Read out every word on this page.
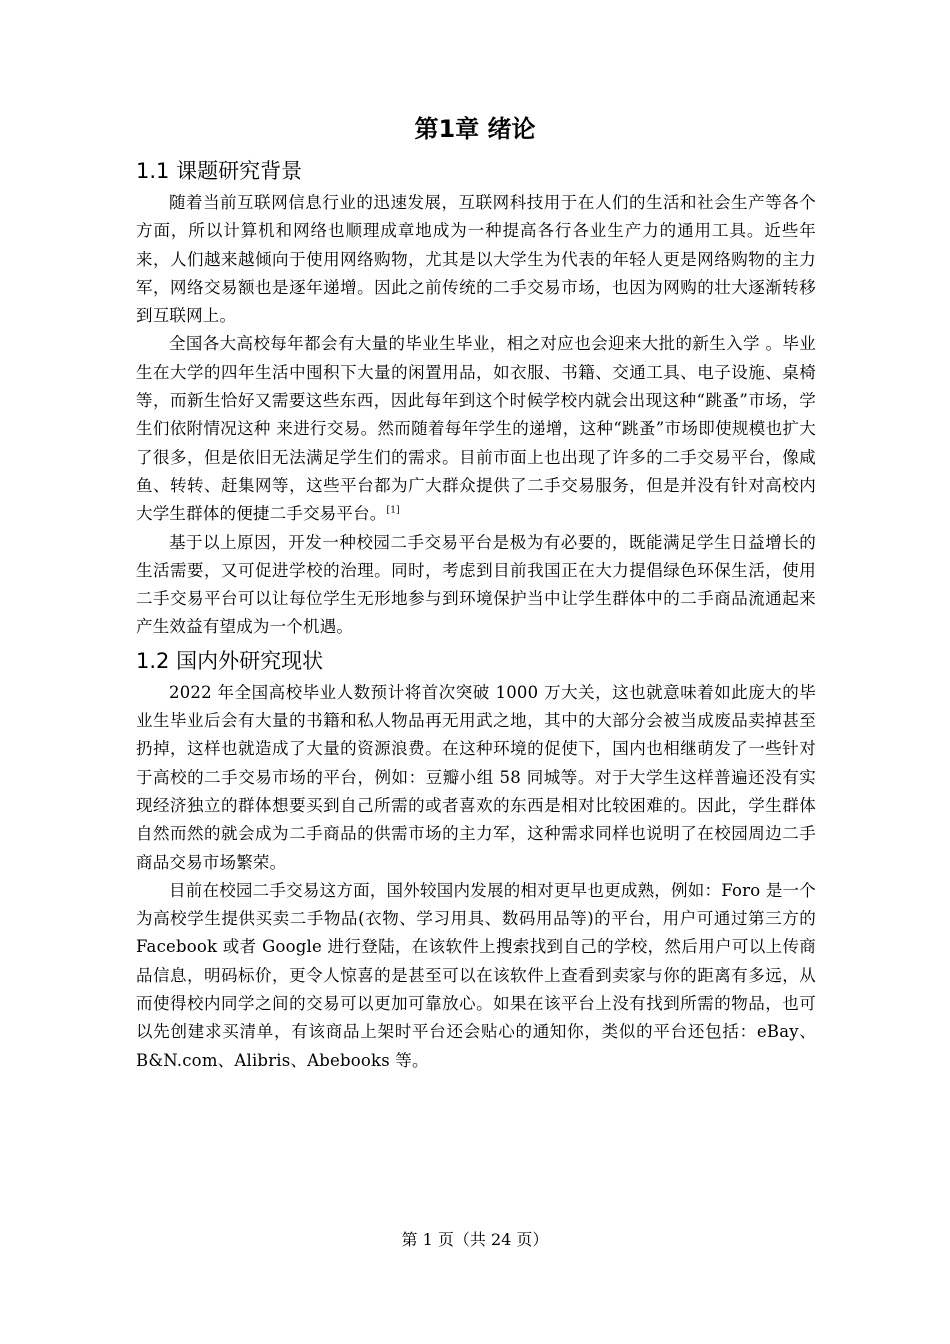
第1章 绪论
1.1 课题研究背景

随着当前互联网信息行业的迅速发展，互联网科技用于在人们的生活和社会生产等各个方面，所以计算机和网络也顺理成章地成为一种提高各行各业生产力的通用工具。近些年来，人们越来越倾向于使用网络购物，尤其是以大学生为代表的年轻人更是网络购物的主力军，网络交易额也是逐年递增。因此之前传统的二手交易市场，也因为网购的壮大逐渐转移到互联网上。

全国各大高校每年都会有大量的毕业生毕业，相之对应也会迎来大批的新生入学 。毕业生在大学的四年生活中囤积下大量的闲置用品，如衣服、书籍、交通工具、电子设施、桌椅等，而新生恰好又需要这些东西，因此每年到这个时候学校内就会出现这种“跳蚤”市场，学生们依附情况这种 来进行交易。然而随着每年学生的递增，这种“跳蚤”市场即使规模也扩大了很多，但是依旧无法满足学生们的需求。目前市面上也出现了许多的二手交易平台，像咸鱼、转转、赶集网等，这些平台都为广大群众提供了二手交易服务，但是并没有针对高校内大学生群体的便捷二手交易平台。[1]

基于以上原因，开发一种校园二手交易平台是极为有必要的，既能满足学生日益增长的生活需要，又可促进学校的治理。同时，考虑到目前我国正在大力提倡绿色环保生活，使用二手交易平台可以让每位学生无形地参与到环境保护当中让学生群体中的二手商品流通起来产生效益有望成为一个机遇。

1.2 国内外研究现状

2022 年全国高校毕业人数预计将首次突破 1000 万大关，这也就意味着如此庞大的毕业生毕业后会有大量的书籍和私人物品再无用武之地，其中的大部分会被当成废品卖掉甚至扔掉，这样也就造成了大量的资源浪费。在这种环境的促使下，国内也相继萌发了一些针对于高校的二手交易市场的平台，例如：豆瓣小组 58 同城等。对于大学生这样普遍还没有实现经济独立的群体想要买到自己所需的或者喜欢的东西是相对比较困难的。因此，学生群体自然而然的就会成为二手商品的供需市场的主力军，这种需求同样也说明了在校园周边二手商品交易市场繁荣。

目前在校园二手交易这方面，国外较国内发展的相对更早也更成熟，例如：Foro 是一个为高校学生提供买卖二手物品(衣物、学习用具、数码用品等)的平台，用户可通过第三方的 Facebook 或者 Google 进行登陆，在该软件上搜索找到自己的学校，然后用户可以上传商品信息，明码标价，更令人惊喜的是甚至可以在该软件上查看到卖家与你的距离有多远，从而使得校内同学之间的交易可以更加可靠放心。如果在该平台上没有找到所需的物品，也可以先创建求买清单，有该商品上架时平台还会贴心的通知你，类似的平台还包括：eBay、B&N.com、Alibris、Abebooks 等。

第 1 页（共 24 页）
